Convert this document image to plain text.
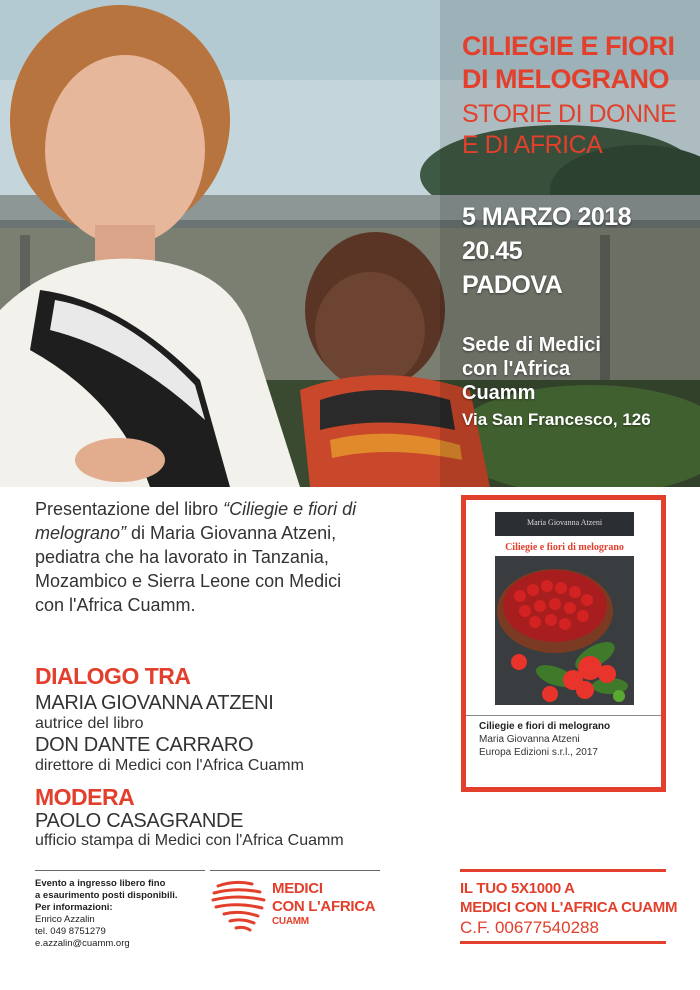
CILIEGIE E FIORI DI MELOGRANO
STORIE DI DONNE E DI AFRICA
5 MARZO 2018
20.45
PADOVA
Sede di Medici
con l'Africa
Cuamm
Via San Francesco, 126

Presentazione del libro “Ciliegie e fiori di melograno” di Maria Giovanna Atzeni, pediatra che ha lavorato in Tanzania, Mozambico e Sierra Leone con Medici con l'Africa Cuamm.

DIALOGO TRA
MARIA GIOVANNA ATZENI
autrice del libro
DON DANTE CARRARO
direttore di Medici con l'Africa Cuamm
MODERA
PAOLO CASAGRANDE
ufficio stampa di Medici con l'Africa Cuamm
Maria Giovanna Atzeni
Ciliegie e fiori di melograno
Ciliegie e fiori di melograno
Maria Giovanna Atzeni
Europa Edizioni s.r.l., 2017
Evento a ingresso libero fino
a esaurimento posti disponibili.
Per informazioni:
Enrico Azzalin
tel. 049 8751279
e.azzalin@cuamm.org
MEDICI
CON L'AFRICA
CUAMM
IL TUO 5X1000 A
MEDICI CON L'AFRICA CUAMM
C.F. 00677540288
